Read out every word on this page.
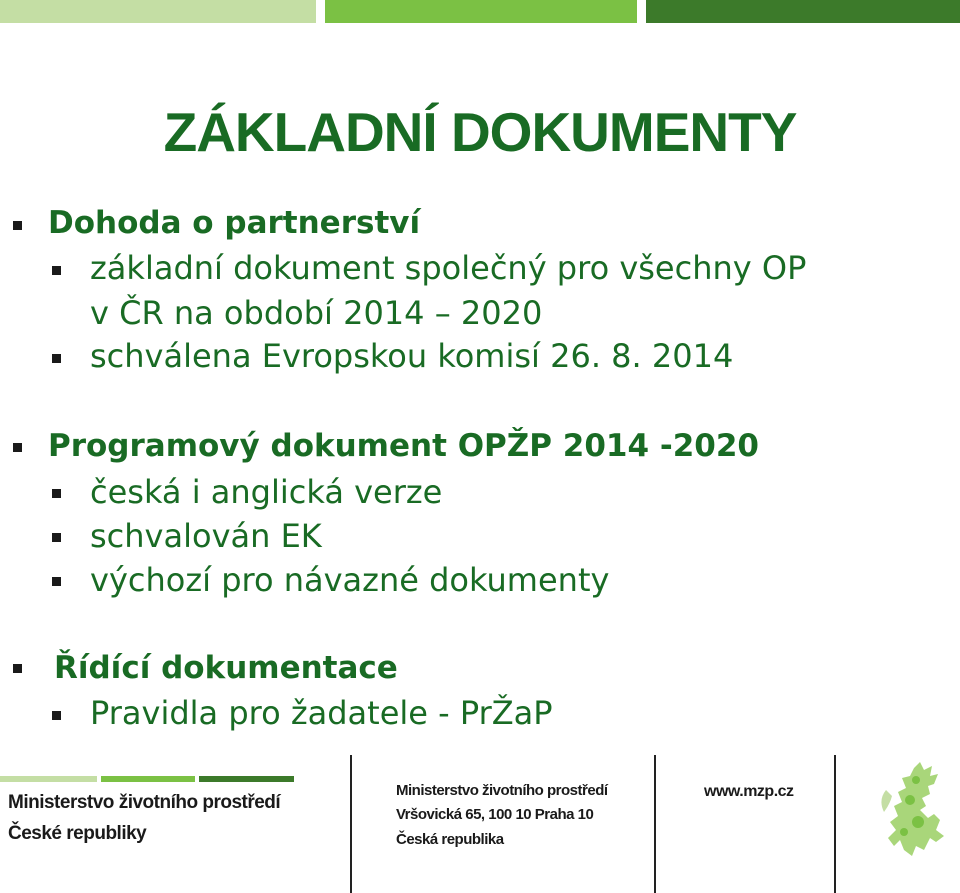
ZÁKLADNÍ DOKUMENTY
Dohoda o partnerství
základní dokument společný pro všechny OP
v ČR na období 2014 – 2020
schválena Evropskou komisí 26. 8. 2014
Programový dokument OPŽP 2014 -2020
česká i anglická verze
schvalován EK
výchozí pro návazné dokumenty
Řídící dokumentace
Pravidla pro žadatele - PrŽaP
Ministerstvo životního prostředí
České republiky
Ministerstvo životního prostředí
Vršovická 65, 100 10 Praha 10
Česká republika
www.mzp.cz
